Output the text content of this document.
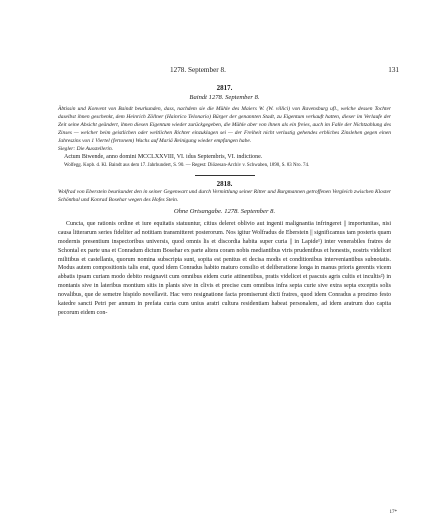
1278. September 8.	131

2817.

Baindt 1278. September 8.

Äbtissin und Konvent von Baindt beurkunden, dass, nachdem sie die Mühle des Maiers W. (W. villici) von Ravensburg ufl., welche dessen Tochter daselbst ihnen geschenkt, dem Heinrich Zöllner (Hainrico Telonario) Bürger der genannten Stadt, zu Eigentum verkauft hatten, dieser im Verlaufe der Zeit seine Absicht geändert, ihnen diesen Eigentum wieder zurückgegeben, die Mühle aber von ihnen als ein freies, auch im Falle der Nichtzahlung des Zinses — welcher beim geistlichen oder weltlichen Richter einzuklagen sei — der Freiheit nicht verlustig gehendes erbliches Zinslehen gegen einen Jahreszins von 1 Viertel (fertonem) Wachs auf Mariä Reinigung wieder empfangen habe.

Siegler: Die Ausstellerin.

Actum Biwende, anno domini MCCLXXVIII, VI. idus Septembris, VI. indictione.

Wolfegg. Kopb. d. Kl. Baindt aus dem 17. Jahrhundert, S. 90. — Regest: Diözesan-Archiv v. Schwaben, 1890, S. 83 Nro. 74.

2818.

Wolfrad von Eberstein beurkundet den in seiner Gegenwart und durch Vermittlung seiner Ritter und Burgmannen getroffenen Vergleich zwischen Kloster Schönthal und Konrad Bosehar wegen des Hofes Stein.

Ohne Ortsangabe. 1278. September 8.

Cuncta, que rationis ordine et iure equitatis statuuntur, citius deleret oblivio aut ingenii malignantia infringeret || importunitas, nisi causa litterarum series fideliter ad notitiam transmitteret posterorum. Nos igitur Wolfradus de Eberstein || significamus tam posteris quam modernis presentium inspectoribus universis, quod omnis lis et discordia habita super curia || in Lapide¹) inter venerabiles fratres de Schontal ex parte una et Conradum dictum Bosehar ex parte altera coram nobis mediantibus viris prudentibus et honestis, nostris videlicet militibus et castellanis, quorum nomina subscripta sunt, sopita est penitus et decisa modis et conditionibus interveniantibus subnotatis. Modus autem compositionis talis erat, quod idem Conradus habito maturo consilio et deliberatione longa in manus prioris gerentis vicem abbatis ipsam curiam modo debito resignavit cum omnibus eidem curie attinentibus, pratis videlicet et pascuis agris cultis et incultis²) in montanis sive in lateribus montium sitis in planis sive in clivis et precise cum omnibus infra septa curie sive extra septa exceptis solis novalibus, que de semetre hispido novellavit. Hac vero resignatione facta promiserunt dicti fratres, quod idem Conradus a prozimo festo katedre sancti Petri per annum in prefata curia cum unius aratri cultura residentiam habeat personalem, ad idem aratrum duo capita pecorum eidem con-

17*
